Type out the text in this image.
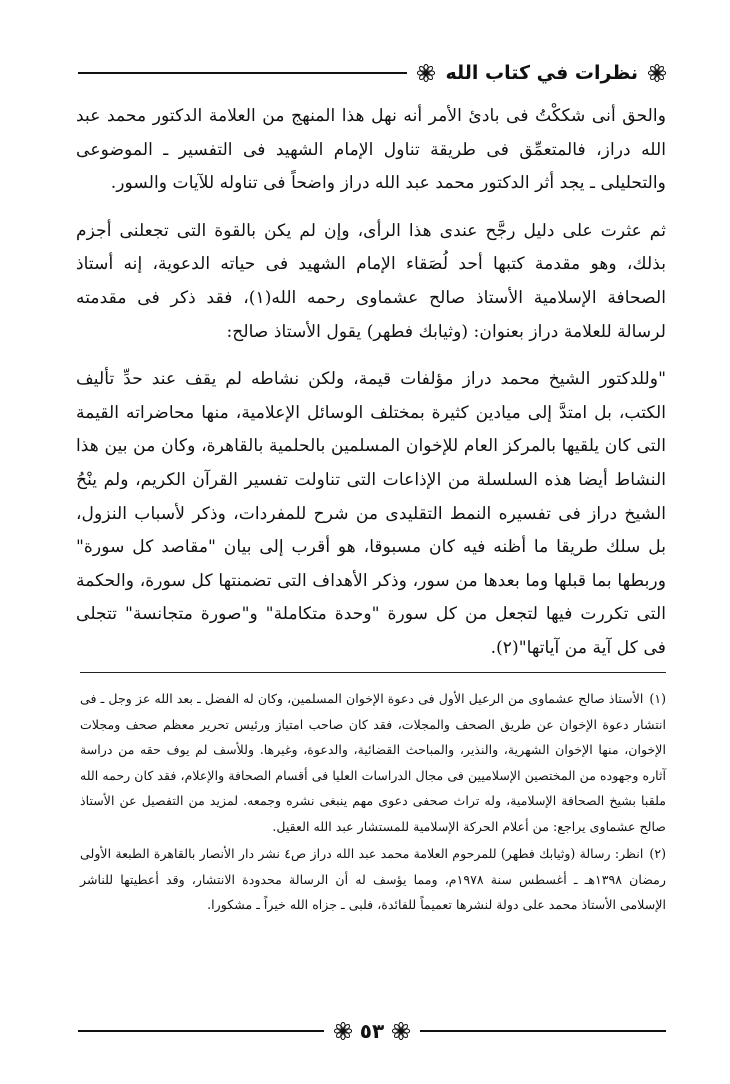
نظرات في كتاب الله

والحق أنى شككْتُ فى بادئ الأمر أنه نهل هذا المنهج من العلامة الدكتور محمد عبد الله دراز، فالمتعمِّق فى طريقة تناول الإمام الشهيد فى التفسير ـ الموضوعى والتحليلى ـ يجد أثر الدكتور محمد عبد الله دراز واضحاً فى تناوله للآيات والسور.

ثم عثرت على دليل رجَّح عندى هذا الرأى، وإن لم يكن بالقوة التى تجعلنى أجزم بذلك، وهو مقدمة كتبها أحد لُصَقاء الإمام الشهيد فى حياته الدعوية، إنه أستاذ الصحافة الإسلامية الأستاذ صالح عشماوى رحمه الله(١)، فقد ذكر فى مقدمته لرسالة للعلامة دراز بعنوان: (وثيابك فطهر) يقول الأستاذ صالح:

"وللدكتور الشيخ محمد دراز مؤلفات قيمة، ولكن نشاطه لم يقف عند حدِّ تأليف الكتب، بل امتدَّ إلى ميادين كثيرة بمختلف الوسائل الإعلامية، منها محاضراته القيمة التى كان يلقيها بالمركز العام للإخوان المسلمين بالحلمية بالقاهرة، وكان من بين هذا النشاط أيضا هذه السلسلة من الإذاعات التى تناولت تفسير القرآن الكريم، ولم ينْحُ الشيخ دراز فى تفسيره النمط التقليدى من شرح للمفردات، وذكر لأسباب النزول، بل سلك طريقا ما أظنه فيه كان مسبوقا، هو أقرب إلى بيان "مقاصد كل سورة" وربطها بما قبلها وما بعدها من سور، وذكر الأهداف التى تضمنتها كل سورة، والحكمة التى تكررت فيها لتجعل من كل سورة "وحدة متكاملة" و"صورة متجانسة" تتجلى فى كل آية من آياتها"(٢).

(١)الأستاذ صالح عشماوى من الرعيل الأول فى دعوة الإخوان المسلمين، وكان له الفضل ـ بعد الله عز وجل ـ فى انتشار دعوة الإخوان عن طريق الصحف والمجلات، فقد كان صاحب امتياز ورئيس تحرير معظم صحف ومجلات الإخوان، منها الإخوان الشهرية، والنذير، والمباحث القضائية، والدعوة، وغيرها. وللأسف لم يوف حقه من دراسة آثاره وجهوده من المختصين الإسلاميين فى مجال الدراسات العليا فى أقسام الصحافة والإعلام، فقد كان رحمه الله ملقبا بشيخ الصحافة الإسلامية، وله تراث صحفى دعوى مهم ينبغى نشره وجمعه. لمزيد من التفصيل عن الأستاذ صالح عشماوى يراجع: من أعلام الحركة الإسلامية للمستشار عبد الله العقيل.

(٢)انظر: رسالة (وثيابك فطهر) للمرحوم العلامة محمد عبد الله دراز ص٤ نشر دار الأنصار بالقاهرة الطبعة الأولى رمضان ١٣٩٨هـ ـ أغسطس سنة ١٩٧٨م، ومما يؤسف له أن الرسالة محدودة الانتشار، وقد أعطيتها للناشر الإسلامى الأستاذ محمد على دولة لنشرها تعميماً للفائدة، فلبى ـ جزاه الله خيراً ـ مشكورا.

٥٣
